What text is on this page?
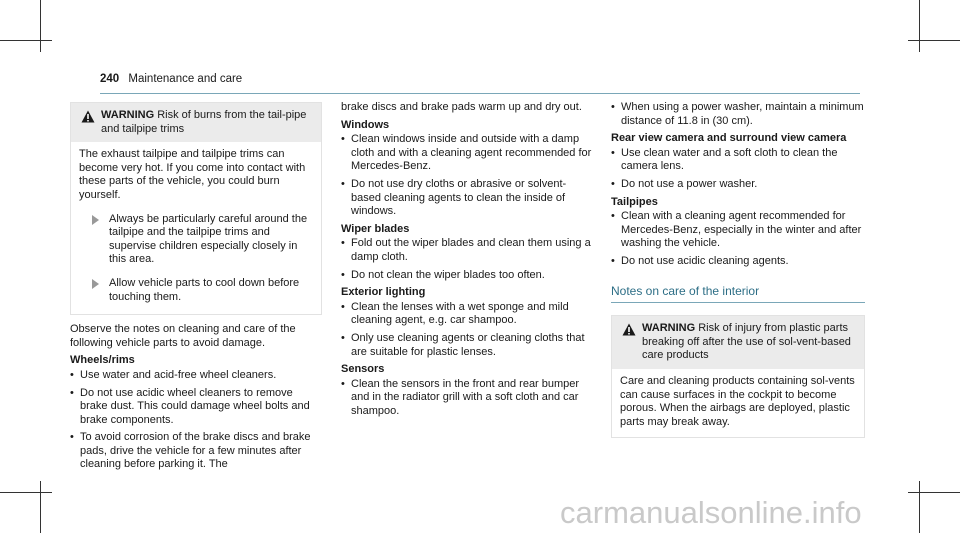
240 Maintenance and care
WARNING Risk of burns from the tail-pipe and tailpipe trims

The exhaust tailpipe and tailpipe trims can become very hot. If you come into contact with these parts of the vehicle, you could burn yourself.

Always be particularly careful around the tailpipe and the tailpipe trims and supervise children especially closely in this area.
Allow vehicle parts to cool down before touching them.

Observe the notes on cleaning and care of the following vehicle parts to avoid damage.

Wheels/rims
• Use water and acid-free wheel cleaners.
• Do not use acidic wheel cleaners to remove brake dust. This could damage wheel bolts and brake components.
• To avoid corrosion of the brake discs and brake pads, drive the vehicle for a few minutes after cleaning before parking it. The

brake discs and brake pads warm up and dry out.

Windows
• Clean windows inside and outside with a damp cloth and with a cleaning agent recommended for Mercedes-Benz.
• Do not use dry cloths or abrasive or solvent-based cleaning agents to clean the inside of windows.
Wiper blades
• Fold out the wiper blades and clean them using a damp cloth.
• Do not clean the wiper blades too often.
Exterior lighting
• Clean the lenses with a wet sponge and mild cleaning agent, e.g. car shampoo.
• Only use cleaning agents or cleaning cloths that are suitable for plastic lenses.
Sensors
• Clean the sensors in the front and rear bumper and in the radiator grill with a soft cloth and car shampoo.
• When using a power washer, maintain a minimum distance of 11.8 in (30 cm).
Rear view camera and surround view camera
• Use clean water and a soft cloth to clean the camera lens.
• Do not use a power washer.
Tailpipes
• Clean with a cleaning agent recommended for Mercedes-Benz, especially in the winter and after washing the vehicle.
• Do not use acidic cleaning agents.
Notes on care of the interior
WARNING Risk of injury from plastic parts breaking off after the use of sol-vent-based care products

Care and cleaning products containing sol-vents can cause surfaces in the cockpit to become porous. When the airbags are deployed, plastic parts may break away.

carmanualsonline.info
